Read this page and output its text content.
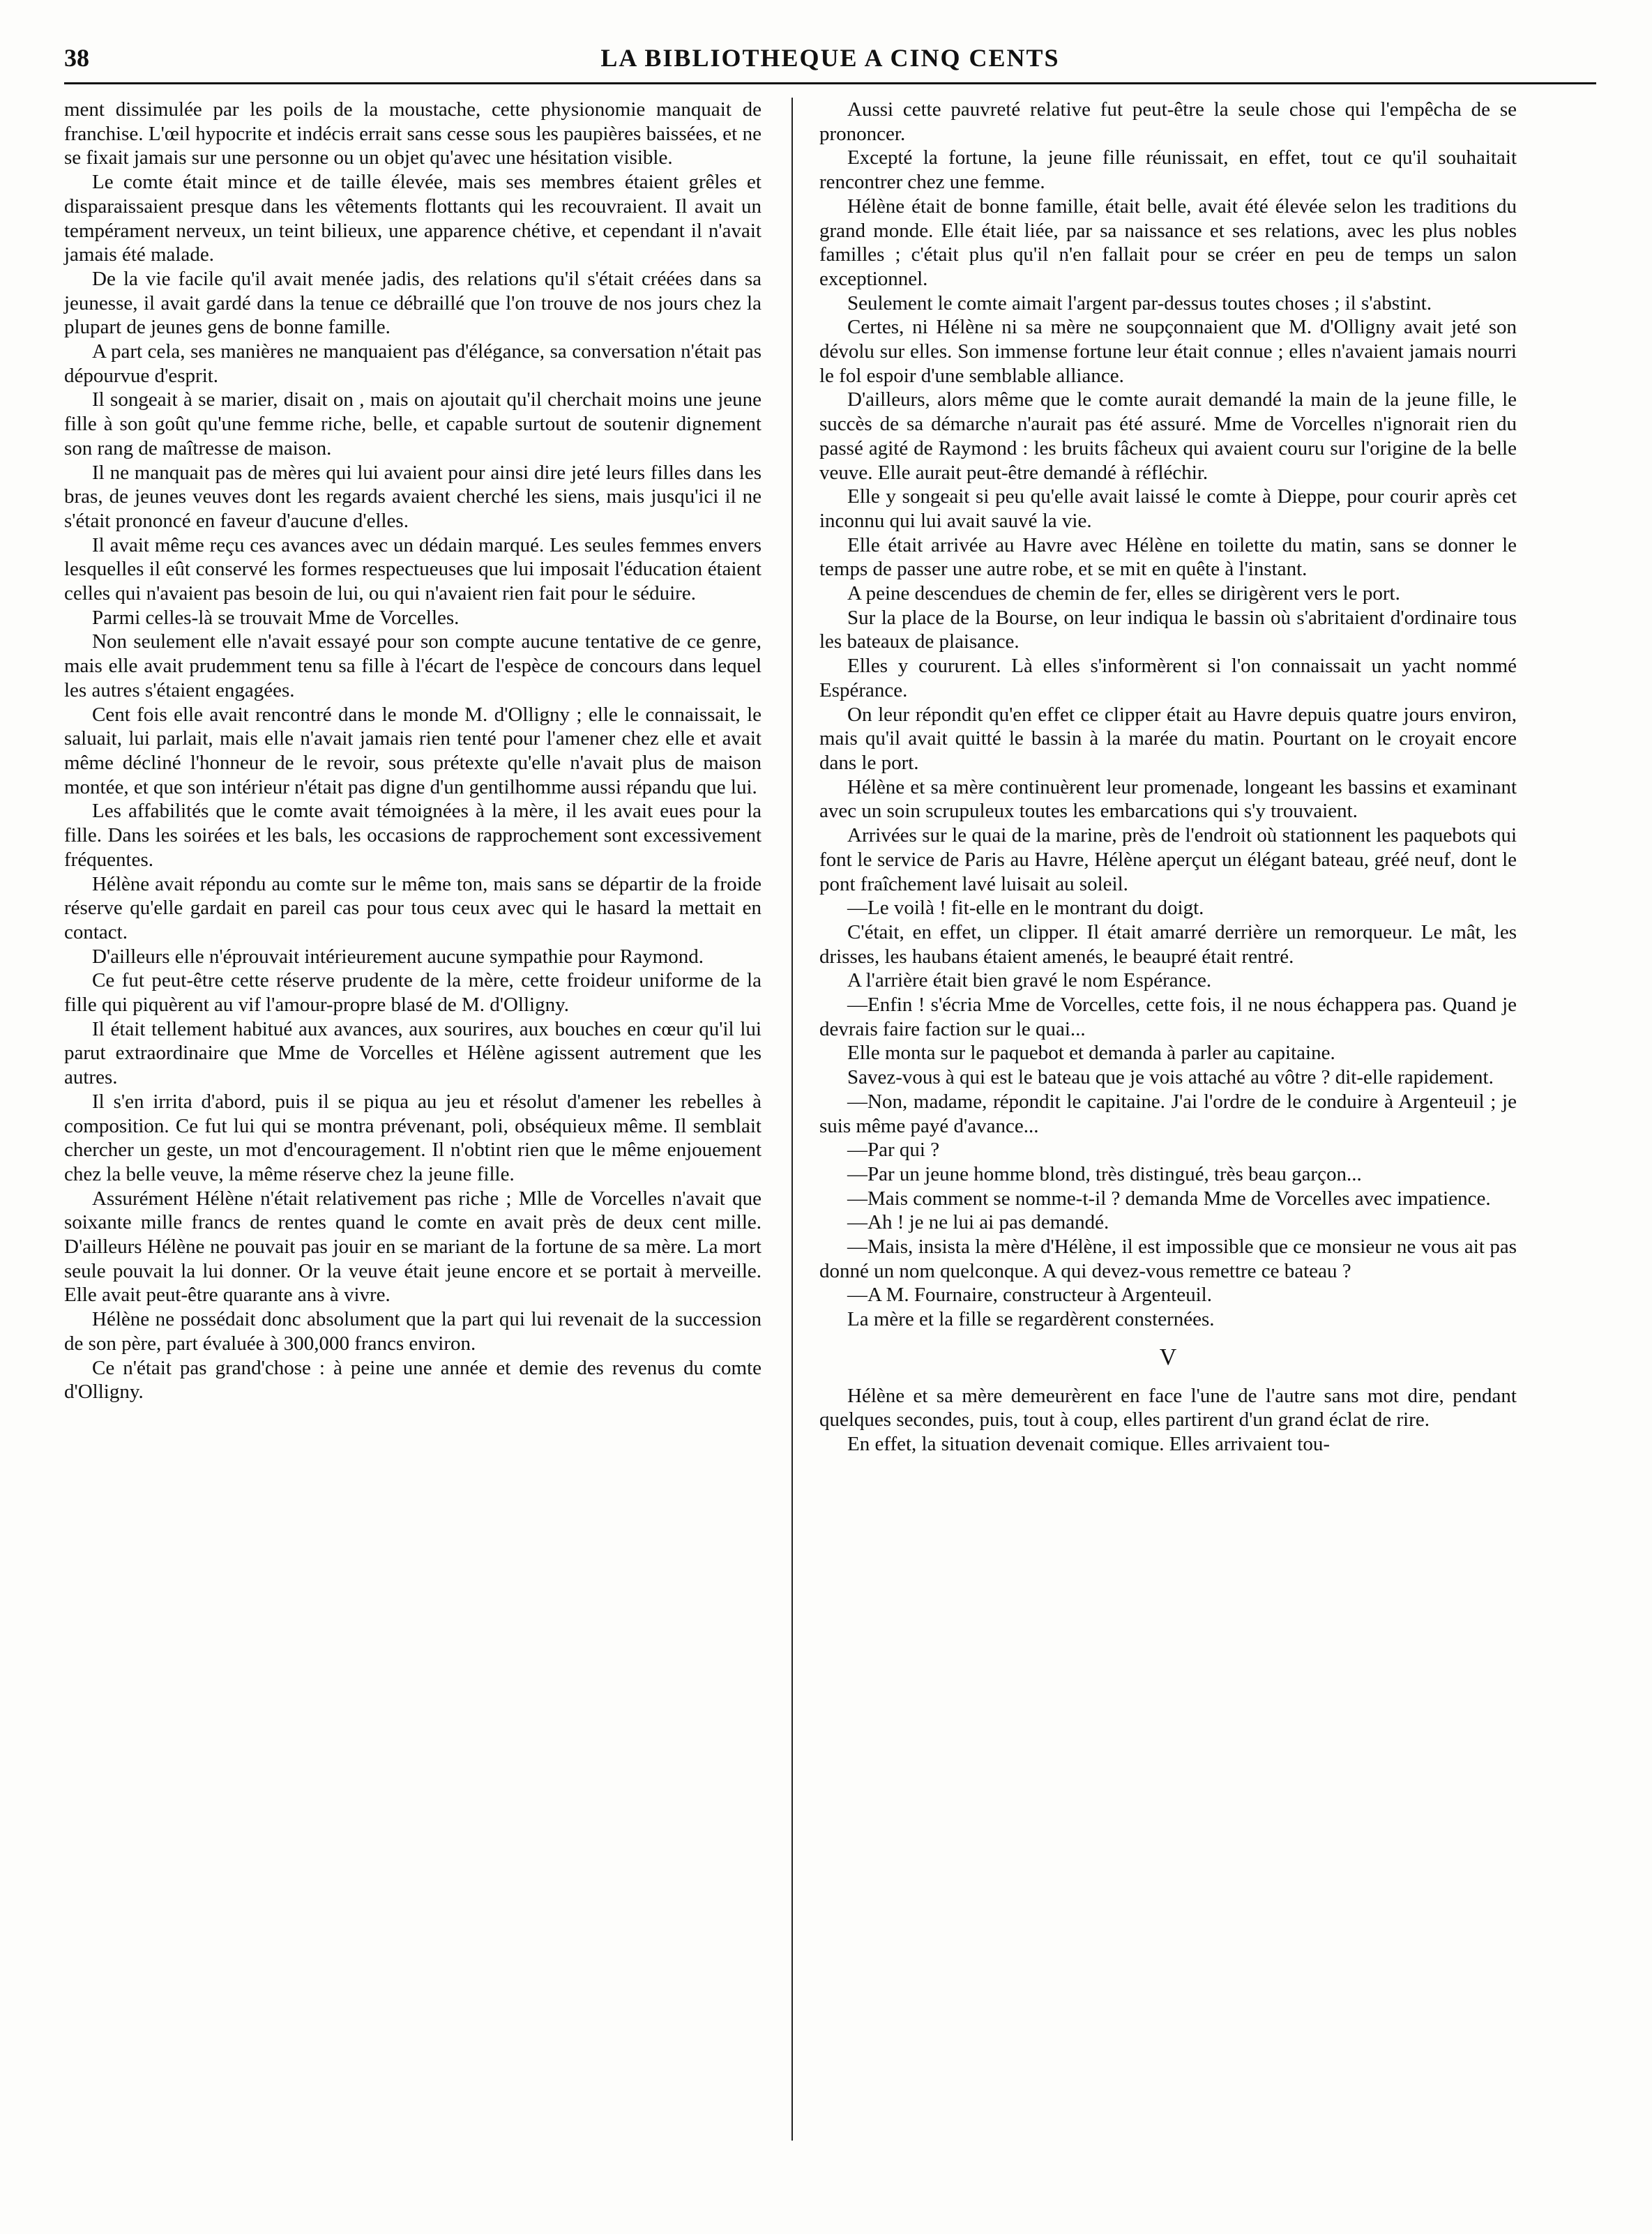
38	LA BIBLIOTHEQUE A CINQ CENTS

ment dissimulée par les poils de la moustache, cette physionomie manquait de franchise. L'œil hypocrite et indécis errait sans cesse sous les paupières baissées, et ne se fixait jamais sur une personne ou un objet qu'avec une hésitation visible.

Le comte était mince et de taille élevée, mais ses membres étaient grêles et disparaissaient presque dans les vêtements flottants qui les recouvraient. Il avait un tempérament nerveux, un teint bilieux, une apparence chétive, et cependant il n'avait jamais été malade.

De la vie facile qu'il avait menée jadis, des relations qu'il s'était créées dans sa jeunesse, il avait gardé dans la tenue ce débraillé que l'on trouve de nos jours chez la plupart de jeunes gens de bonne famille.

A part cela, ses manières ne manquaient pas d'élégance, sa conversation n'était pas dépourvue d'esprit.

Il songeait à se marier, disait on , mais on ajoutait qu'il cherchait moins une jeune fille à son goût qu'une femme riche, belle, et capable surtout de soutenir dignement son rang de maîtresse de maison.

Il ne manquait pas de mères qui lui avaient pour ainsi dire jeté leurs filles dans les bras, de jeunes veuves dont les regards avaient cherché les siens, mais jusqu'ici il ne s'était prononcé en faveur d'aucune d'elles.

Il avait même reçu ces avances avec un dédain marqué. Les seules femmes envers lesquelles il eût conservé les formes respectueuses que lui imposait l'éducation étaient celles qui n'avaient pas besoin de lui, ou qui n'avaient rien fait pour le séduire.

Parmi celles-là se trouvait Mme de Vorcelles.

Non seulement elle n'avait essayé pour son compte aucune tentative de ce genre, mais elle avait prudemment tenu sa fille à l'écart de l'espèce de concours dans lequel les autres s'étaient engagées.

Cent fois elle avait rencontré dans le monde M. d'Olligny ; elle le connaissait, le saluait, lui parlait, mais elle n'avait jamais rien tenté pour l'amener chez elle et avait même décliné l'honneur de le revoir, sous prétexte qu'elle n'avait plus de maison montée, et que son intérieur n'était pas digne d'un gentilhomme aussi répandu que lui.

Les affabilités que le comte avait témoignées à la mère, il les avait eues pour la fille. Dans les soirées et les bals, les occasions de rapprochement sont excessivement fréquentes.

Hélène avait répondu au comte sur le même ton, mais sans se départir de la froide réserve qu'elle gardait en pareil cas pour tous ceux avec qui le hasard la mettait en contact.

D'ailleurs elle n'éprouvait intérieurement aucune sympathie pour Raymond.

Ce fut peut-être cette réserve prudente de la mère, cette froideur uniforme de la fille qui piquèrent au vif l'amour-propre blasé de M. d'Olligny.

Il était tellement habitué aux avances, aux sourires, aux bouches en cœur qu'il lui parut extraordinaire que Mme de Vorcelles et Hélène agissent autrement que les autres.

Il s'en irrita d'abord, puis il se piqua au jeu et résolut d'amener les rebelles à composition. Ce fut lui qui se montra prévenant, poli, obséquieux même. Il semblait chercher un geste, un mot d'encouragement. Il n'obtint rien que le même enjouement chez la belle veuve, la même réserve chez la jeune fille.

Assurément Hélène n'était relativement pas riche ; Mlle de Vorcelles n'avait que soixante mille francs de rentes quand le comte en avait près de deux cent mille. D'ailleurs Hélène ne pouvait pas jouir en se mariant de la fortune de sa mère. La mort seule pouvait la lui donner. Or la veuve était jeune encore et se portait à merveille. Elle avait peut-être quarante ans à vivre.

Hélène ne possédait donc absolument que la part qui lui revenait de la succession de son père, part évaluée à 300,000 francs environ.

Ce n'était pas grand'chose : à peine une année et demie des revenus du comte d'Olligny.

Aussi cette pauvreté relative fut peut-être la seule chose qui l'empêcha de se prononcer.

Excepté la fortune, la jeune fille réunissait, en effet, tout ce qu'il souhaitait rencontrer chez une femme.

Hélène était de bonne famille, était belle, avait été élevée selon les traditions du grand monde. Elle était liée, par sa naissance et ses relations, avec les plus nobles familles ; c'était plus qu'il n'en fallait pour se créer en peu de temps un salon exceptionnel.

Seulement le comte aimait l'argent par-dessus toutes choses ; il s'abstint.

Certes, ni Hélène ni sa mère ne soupçonnaient que M. d'Olligny avait jeté son dévolu sur elles. Son immense fortune leur était connue ; elles n'avaient jamais nourri le fol espoir d'une semblable alliance.

D'ailleurs, alors même que le comte aurait demandé la main de la jeune fille, le succès de sa démarche n'aurait pas été assuré. Mme de Vorcelles n'ignorait rien du passé agité de Raymond : les bruits fâcheux qui avaient couru sur l'origine de la belle veuve. Elle aurait peut-être demandé à réfléchir.

Elle y songeait si peu qu'elle avait laissé le comte à Dieppe, pour courir après cet inconnu qui lui avait sauvé la vie.

Elle était arrivée au Havre avec Hélène en toilette du matin, sans se donner le temps de passer une autre robe, et se mit en quête à l'instant.

A peine descendues de chemin de fer, elles se dirigèrent vers le port.

Sur la place de la Bourse, on leur indiqua le bassin où s'abritaient d'ordinaire tous les bateaux de plaisance.

Elles y coururent. Là elles s'informèrent si l'on connaissait un yacht nommé Espérance.

On leur répondit qu'en effet ce clipper était au Havre depuis quatre jours environ, mais qu'il avait quitté le bassin à la marée du matin. Pourtant on le croyait encore dans le port.

Hélène et sa mère continuèrent leur promenade, longeant les bassins et examinant avec un soin scrupuleux toutes les embarcations qui s'y trouvaient.

Arrivées sur le quai de la marine, près de l'endroit où stationnent les paquebots qui font le service de Paris au Havre, Hélène aperçut un élégant bateau, gréé neuf, dont le pont fraîchement lavé luisait au soleil.

—Le voilà ! fit-elle en le montrant du doigt.

C'était, en effet, un clipper. Il était amarré derrière un remorqueur. Le mât, les drisses, les haubans étaient amenés, le beaupré était rentré.

A l'arrière était bien gravé le nom Espérance.

—Enfin ! s'écria Mme de Vorcelles, cette fois, il ne nous échappera pas. Quand je devrais faire faction sur le quai...

Elle monta sur le paquebot et demanda à parler au capitaine.

Savez-vous à qui est le bateau que je vois attaché au vôtre ? dit-elle rapidement.

—Non, madame, répondit le capitaine. J'ai l'ordre de le conduire à Argenteuil ; je suis même payé d'avance...

—Par qui ?

—Par un jeune homme blond, très distingué, très beau garçon...

—Mais comment se nomme-t-il ? demanda Mme de Vorcelles avec impatience.

—Ah ! je ne lui ai pas demandé.

—Mais, insista la mère d'Hélène, il est impossible que ce monsieur ne vous ait pas donné un nom quelconque. A qui devez-vous remettre ce bateau ?

—A M. Fournaire, constructeur à Argenteuil.

La mère et la fille se regardèrent consternées.

V

Hélène et sa mère demeurèrent en face l'une de l'autre sans mot dire, pendant quelques secondes, puis, tout à coup, elles partirent d'un grand éclat de rire.

En effet, la situation devenait comique. Elles arrivaient tou-
